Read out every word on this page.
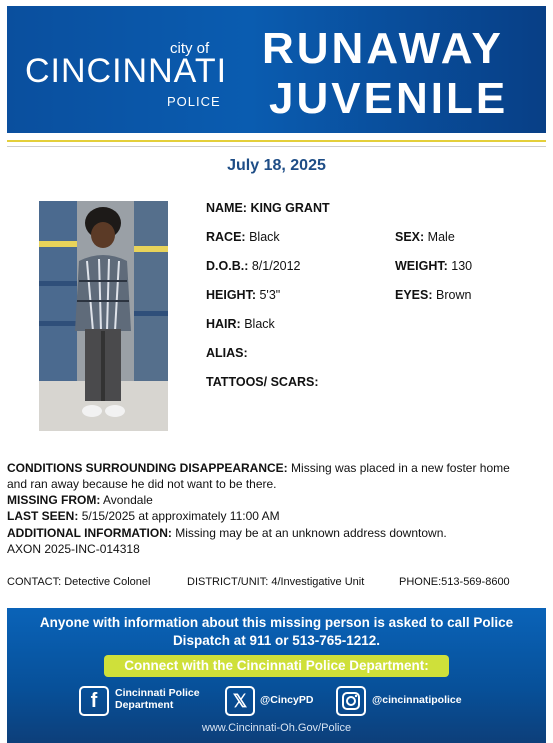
city of
CINCINNATI
POLICE
RUNAWAY
JUVENILE
July 18, 2025
NAME: KING GRANT
RACE: Black	SEX: Male
D.O.B.: 8/1/2012	WEIGHT: 130
HEIGHT: 5'3"	EYES: Brown
HAIR: Black
ALIAS:
TATTOOS/ SCARS:
CONDITIONS SURROUNDING DISAPPEARANCE: Missing was placed in a new foster home
and ran away because he did not want to be there.
MISSING FROM: Avondale
LAST SEEN: 5/15/2025 at approximately 11:00 AM
ADDITIONAL INFORMATION: Missing may be at an unknown address downtown.
AXON 2025-INC-014318
CONTACT: Detective Colonel	DISTRICT/UNIT: 4/Investigative Unit	PHONE:513-569-8600
Anyone with information about this missing person is asked to call Police
Dispatch at 911 or 513-765-1212.
Connect with the Cincinnati Police Department:
f	Cincinnati Police
Department	𝕏	@CincyPD	@cincinnatipolice
www.Cincinnati-Oh.Gov/Police
